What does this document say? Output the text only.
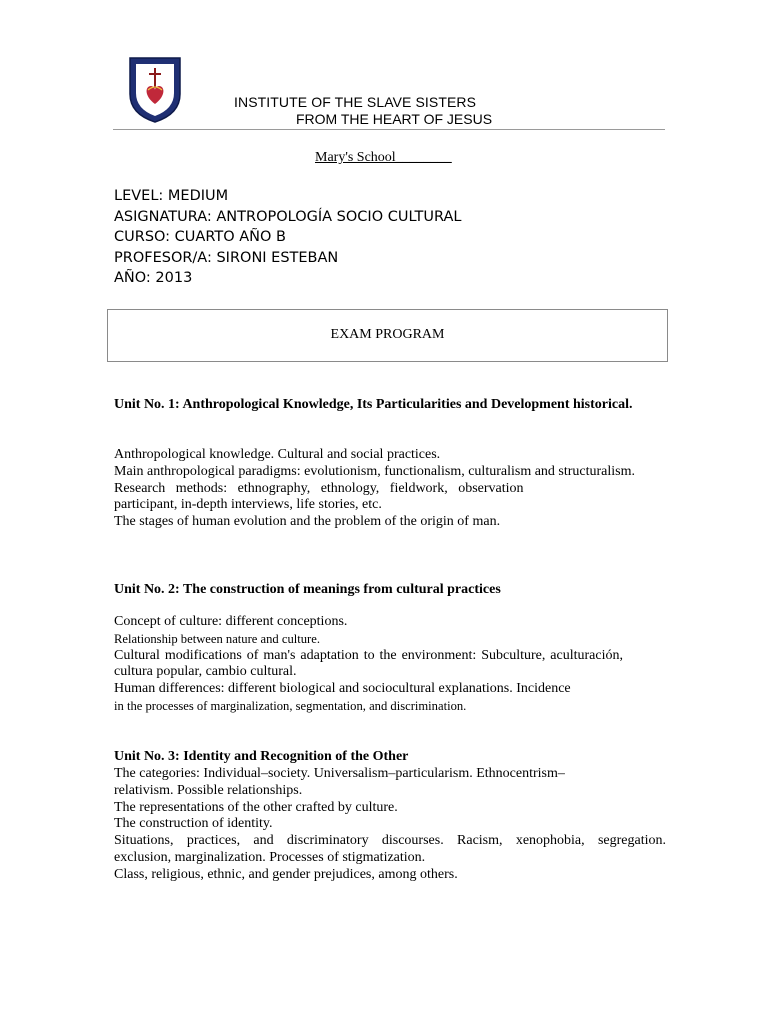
INSTITUTE OF THE SLAVE SISTERS
FROM THE HEART OF JESUS
Mary's School________
LEVEL: MEDIUM
ASIGNATURA: ANTROPOLOGÍA SOCIO CULTURAL
CURSO: CUARTO AÑO B
PROFESOR/A: SIRONI ESTEBAN
AÑO: 2013
EXAM PROGRAM
Unit No. 1: Anthropological Knowledge, Its Particularities and Development historical.
Anthropological knowledge. Cultural and social practices.
Main anthropological paradigms: evolutionism, functionalism, culturalism and structuralism.
Research methods: ethnography, ethnology, fieldwork, observation
participant, in-depth interviews, life stories, etc.
The stages of human evolution and the problem of the origin of man.
Unit No. 2: The construction of meanings from cultural practices
Concept of culture: different conceptions.
Relationship between nature and culture.
Cultural modifications of man's adaptation to the environment: Subculture, aculturación, cultura popular, cambio cultural.
Human differences: different biological and sociocultural explanations. Incidence
in the processes of marginalization, segmentation, and discrimination.
Unit No. 3: Identity and Recognition of the Other
The categories: Individual–society. Universalism–particularism. Ethnocentrism–
relativism. Possible relationships.
The representations of the other crafted by culture.
The construction of identity.
Situations, practices, and discriminatory discourses. Racism, xenophobia, segregation.
exclusion, marginalization. Processes of stigmatization.
Class, religious, ethnic, and gender prejudices, among others.
